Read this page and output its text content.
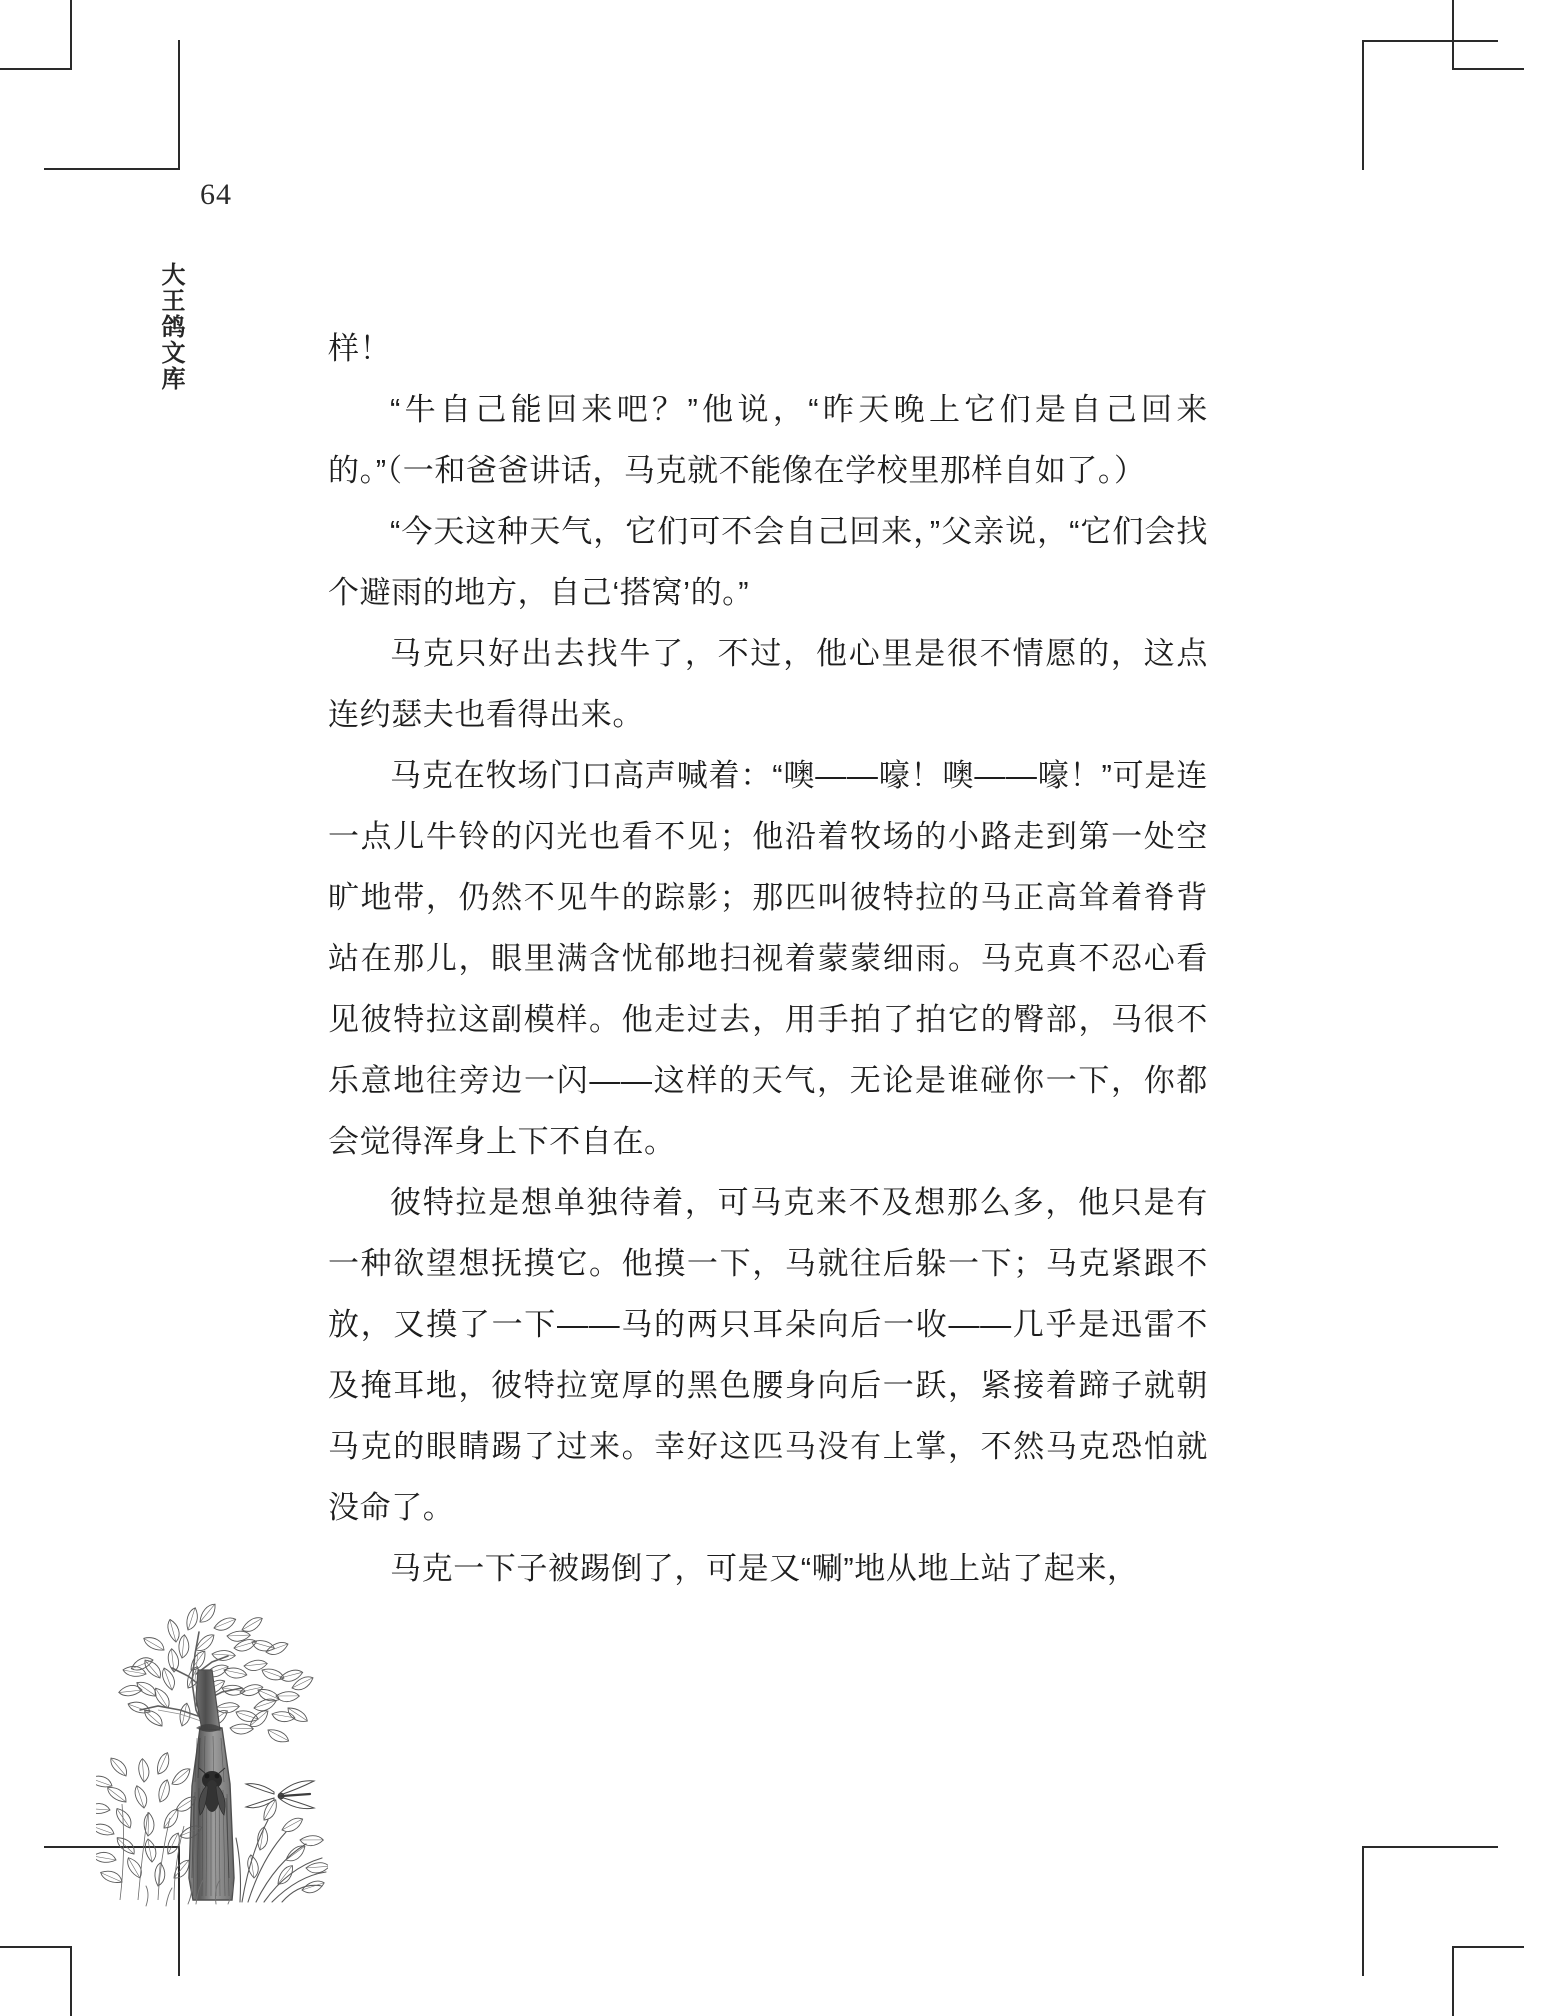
64
大王鸽文库	样！

“牛自己能回来吧？”他说，“昨天晚上它们是自己回来的。”（一和爸爸讲话，马克就不能像在学校里那样自如了。）

“今天这种天气，它们可不会自己回来，”父亲说，“它们会找个避雨的地方，自己‘搭窝’的。”

马克只好出去找牛了，不过，他心里是很不情愿的，这点连约瑟夫也看得出来。

马克在牧场门口高声喊着：“噢——嚎！噢——嚎！”可是连一点儿牛铃的闪光也看不见；他沿着牧场的小路走到第一处空旷地带，仍然不见牛的踪影；那匹叫彼特拉的马正高耸着脊背站在那儿，眼里满含忧郁地扫视着蒙蒙细雨。马克真不忍心看见彼特拉这副模样。他走过去，用手拍了拍它的臀部，马很不乐意地往旁边一闪——这样的天气，无论是谁碰你一下，你都会觉得浑身上下不自在。

彼特拉是想单独待着，可马克来不及想那么多，他只是有一种欲望想抚摸它。他摸一下，马就往后躲一下；马克紧跟不放，又摸了一下——马的两只耳朵向后一收——几乎是迅雷不及掩耳地，彼特拉宽厚的黑色腰身向后一跃，紧接着蹄子就朝马克的眼睛踢了过来。幸好这匹马没有上掌，不然马克恐怕就没命了。

马克一下子被踢倒了，可是又“唰”地从地上站了起来，
